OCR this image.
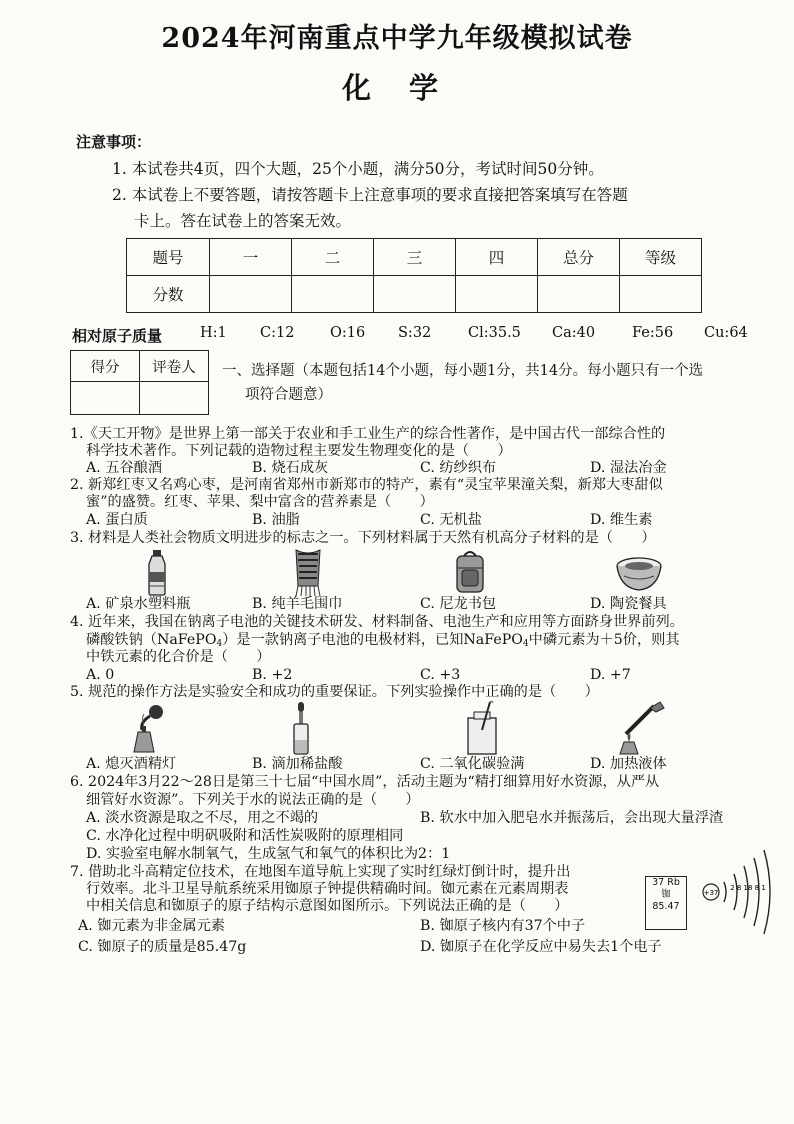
2024年河南重点中学九年级模拟试卷
化 学
注意事项：
1. 本试卷共4页，四个大题，25个小题，满分50分，考试时间50分钟。
2. 本试卷上不要答题，请按答题卡上注意事项的要求直接把答案填写在答题
卡上。答在试卷上的答案无效。
题号	一	二	三	四	总分	等级
分数						
相对原子质量	H:1 C:12 O:16 S:32	Cl:35.5 Ca:40	Fe:56 Cu:64
得分	评卷人
	一、选择题（本题包括14个小题，每小题1分，共14分。每小题只有一个选
项符合题意）
1.《天工开物》是世界上第一部关于农业和手工业生产的综合性著作，是中国古代一部综合性的
科学技术著作。下列记载的造物过程主要发生物理变化的是（　　）
A. 五谷酿酒	B. 烧石成灰	C. 纺纱织布	D. 湿法冶金
2. 新郑红枣又名鸡心枣，是河南省郑州市新郑市的特产，素有“灵宝苹果潼关梨，新郑大枣甜似
蜜”的盛赞。红枣、苹果、梨中富含的营养素是（　　）
A. 蛋白质	B. 油脂	C. 无机盐	D. 维生素
3. 材料是人类社会物质文明进步的标志之一。下列材料属于天然有机高分子材料的是（　　）
A. 矿泉水塑料瓶	B. 纯羊毛围巾	C. 尼龙书包	D. 陶瓷餐具
4. 近年来，我国在钠离子电池的关键技术研发、材料制备、电池生产和应用等方面跻身世界前列。
磷酸铁钠（NaFePO$_4$）是一款钠离子电池的电极材料，已知NaFePO$_4$中磷元素为＋5价，则其
中铁元素的化合价是（　　）
A. 0	B. +2	C. +3	D. +7
5. 规范的操作方法是实验安全和成功的重要保证。下列实验操作中正确的是（　　）
A. 熄灭酒精灯	B. 滴加稀盐酸	C. 二氧化碳验满	D. 加热液体
6. 2024年3月22～28日是第三十七届“中国水周”，活动主题为“精打细算用好水资源，从严从
细管好水资源”。下列关于水的说法正确的是（　　）
A. 淡水资源是取之不尽，用之不竭的	B. 软水中加入肥皂水并振荡后，会出现大量浮渣
C. 水净化过程中明矾吸附和活性炭吸附的原理相同
D. 实验室电解水制氧气，生成氢气和氧气的体积比为2：1
7. 借助北斗高精定位技术，在地图车道导航上实现了实时红绿灯倒计时，提升出
行效率。北斗卫星导航系统采用铷原子钟提供精确时间。铷元素在元素周期表
中相关信息和铷原子的原子结构示意图如图所示。下列说法正确的是（　　）
37 Rb
铷
85.47
+37
2 8 18 8 1
A. 铷元素为非金属元素	B. 铷原子核内有37个中子
C. 铷原子的质量是85.47g	D. 铷原子在化学反应中易失去1个电子
